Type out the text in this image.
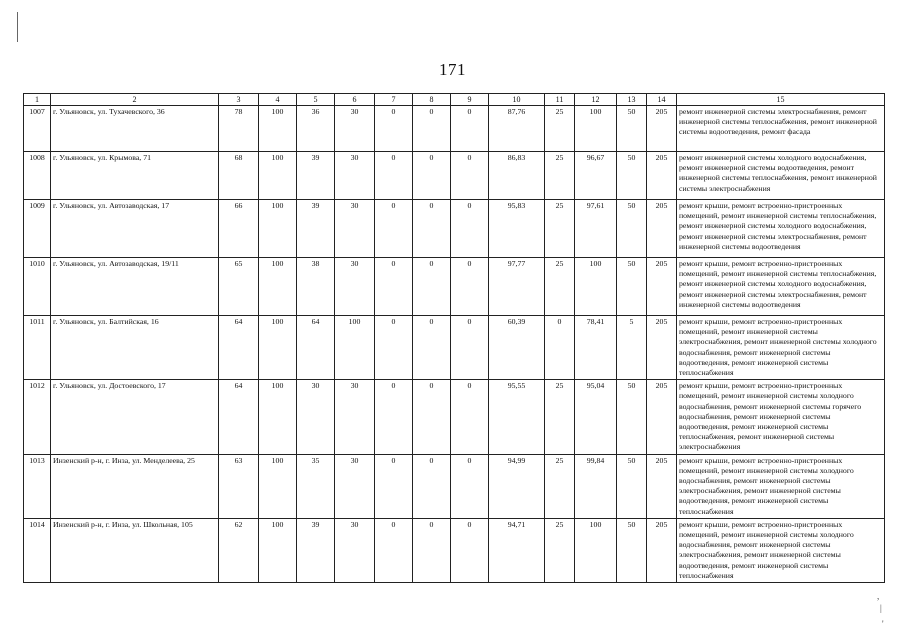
171
1	2	3	4	5	6	7	8	9	10	11	12	13	14	15
1007	г. Ульяновск, ул. Тухачевского, 36	78	100	36	30	0	0	0	87,76	25	100	50	205	ремонт инженерной системы электроснабжения, ремонт инженерной системы теплоснабжения, ремонт инженерной системы водоотведения, ремонт фасада
1008	г. Ульяновск, ул. Крымова, 71	68	100	39	30	0	0	0	86,83	25	96,67	50	205	ремонт инженерной системы холодного водоснабжения, ремонт инженерной системы водоотведения, ремонт инженерной системы теплоснабжения, ремонт инженерной системы электроснабжения
1009	г. Ульяновск, ул. Автозаводская, 17	66	100	39	30	0	0	0	95,83	25	97,61	50	205	ремонт крыши, ремонт встроенно-пристроенных помещений, ремонт инженерной системы теплоснабжения, ремонт инженерной системы холодного водоснабжения, ремонт инженерной системы электроснабжения, ремонт инженерной системы водоотведения
1010	г. Ульяновск, ул. Автозаводская, 19/11	65	100	38	30	0	0	0	97,77	25	100	50	205	ремонт крыши, ремонт встроенно-пристроенных помещений, ремонт инженерной системы теплоснабжения, ремонт инженерной системы холодного водоснабжения, ремонт инженерной системы электроснабжения, ремонт инженерной системы водоотведения
1011	г. Ульяновск, ул. Балтийская, 16	64	100	64	100	0	0	0	60,39	0	78,41	5	205	ремонт крыши, ремонт встроенно-пристроенных помещений, ремонт инженерной системы электроснабжения, ремонт инженерной системы холодного водоснабжения, ремонт инженерной системы водоотведения, ремонт инженерной системы теплоснабжения
1012	г. Ульяновск, ул. Достоевского, 17	64	100	30	30	0	0	0	95,55	25	95,04	50	205	ремонт крыши, ремонт встроенно-пристроенных помещений, ремонт инженерной системы холодного водоснабжения, ремонт инженерной системы горячего водоснабжения, ремонт инженерной системы водоотведения, ремонт инженерной системы теплоснабжения, ремонт инженерной системы электроснабжения
1013	Инзенский р-н, г. Инза, ул. Менделеева, 25	63	100	35	30	0	0	0	94,99	25	99,84	50	205	ремонт крыши, ремонт встроенно-пристроенных помещений, ремонт инженерной системы холодного водоснабжения, ремонт инженерной системы электроснабжения, ремонт инженерной системы водоотведения, ремонт инженерной системы теплоснабжения
1014	Инзенский р-н, г. Инза, ул. Школьная, 105	62	100	39	30	0	0	0	94,71	25	100	50	205	ремонт крыши, ремонт встроенно-пристроенных помещений, ремонт инженерной системы холодного водоснабжения, ремонт инженерной системы электроснабжения, ремонт инженерной системы водоотведения, ремонт инженерной системы теплоснабжения
,
|
'
